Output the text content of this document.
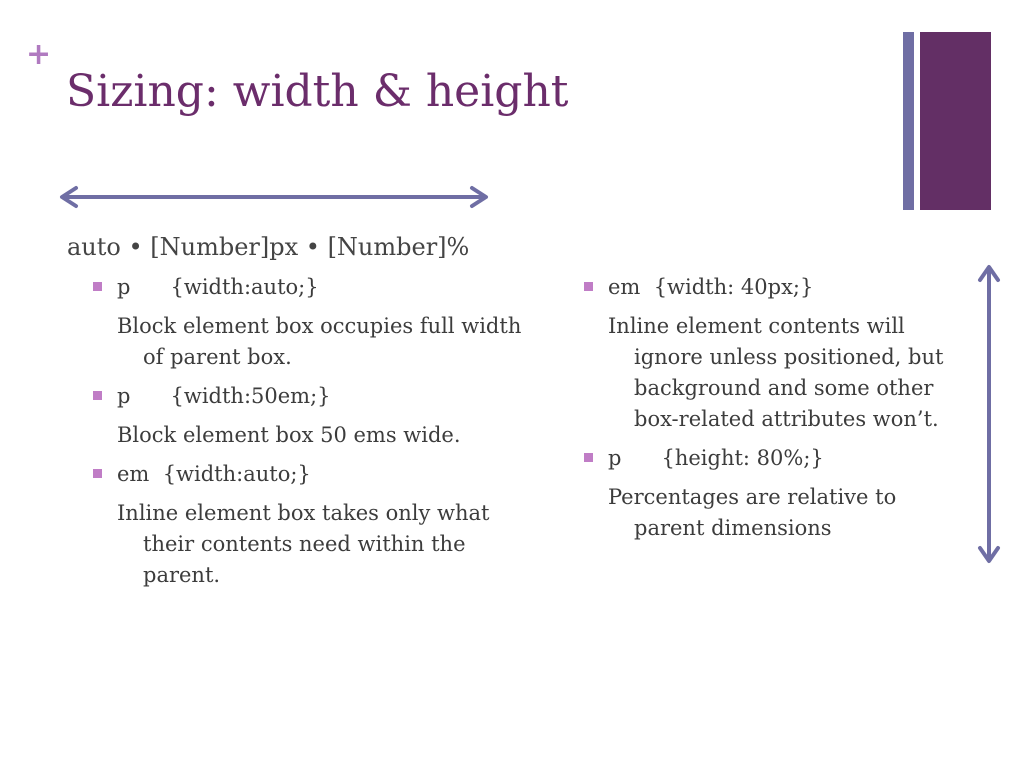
+
Sizing: width & height
auto • [Number]px • [Number]%
p      {width:auto;}
Block element box occupies full width of parent box.
p      {width:50em;}
Block element box 50 ems wide.
em  {width:auto;}
Inline element box takes only what their contents need within the parent.
em  {width: 40px;}
Inline element contents will ignore unless positioned, but background and some other box-related attributes won’t.
p      {height: 80%;}
Percentages are relative to parent dimensions
